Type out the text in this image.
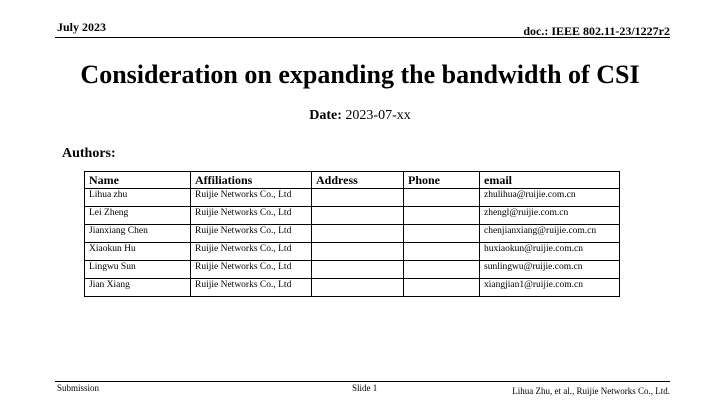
July 2023	doc.: IEEE 802.11-23/1227r2
Consideration on expanding the bandwidth of CSI
Date: 2023-07-xx
Authors:
Name	Affiliations	Address	Phone	email
Lihua zhu	Ruijie Networks Co., Ltd			zhulihua@ruijie.com.cn
Lei Zheng	Ruijie Networks Co., Ltd			zhengl@ruijie.com.cn
Jianxiang Chen	Ruijie Networks Co., Ltd			chenjianxiang@ruijie.com.cn
Xiaokun Hu	Ruijie Networks Co., Ltd			huxiaokun@ruijie.com.cn
Lingwu Sun	Ruijie Networks Co., Ltd			sunlingwu@ruijie.com.cn
Jian Xiang	Ruijie Networks Co., Ltd			xiangjian1@ruijie.com.cn
Submission	Slide 1	Lihua Zhu, et al., Ruijie Networks Co., Ltd.
